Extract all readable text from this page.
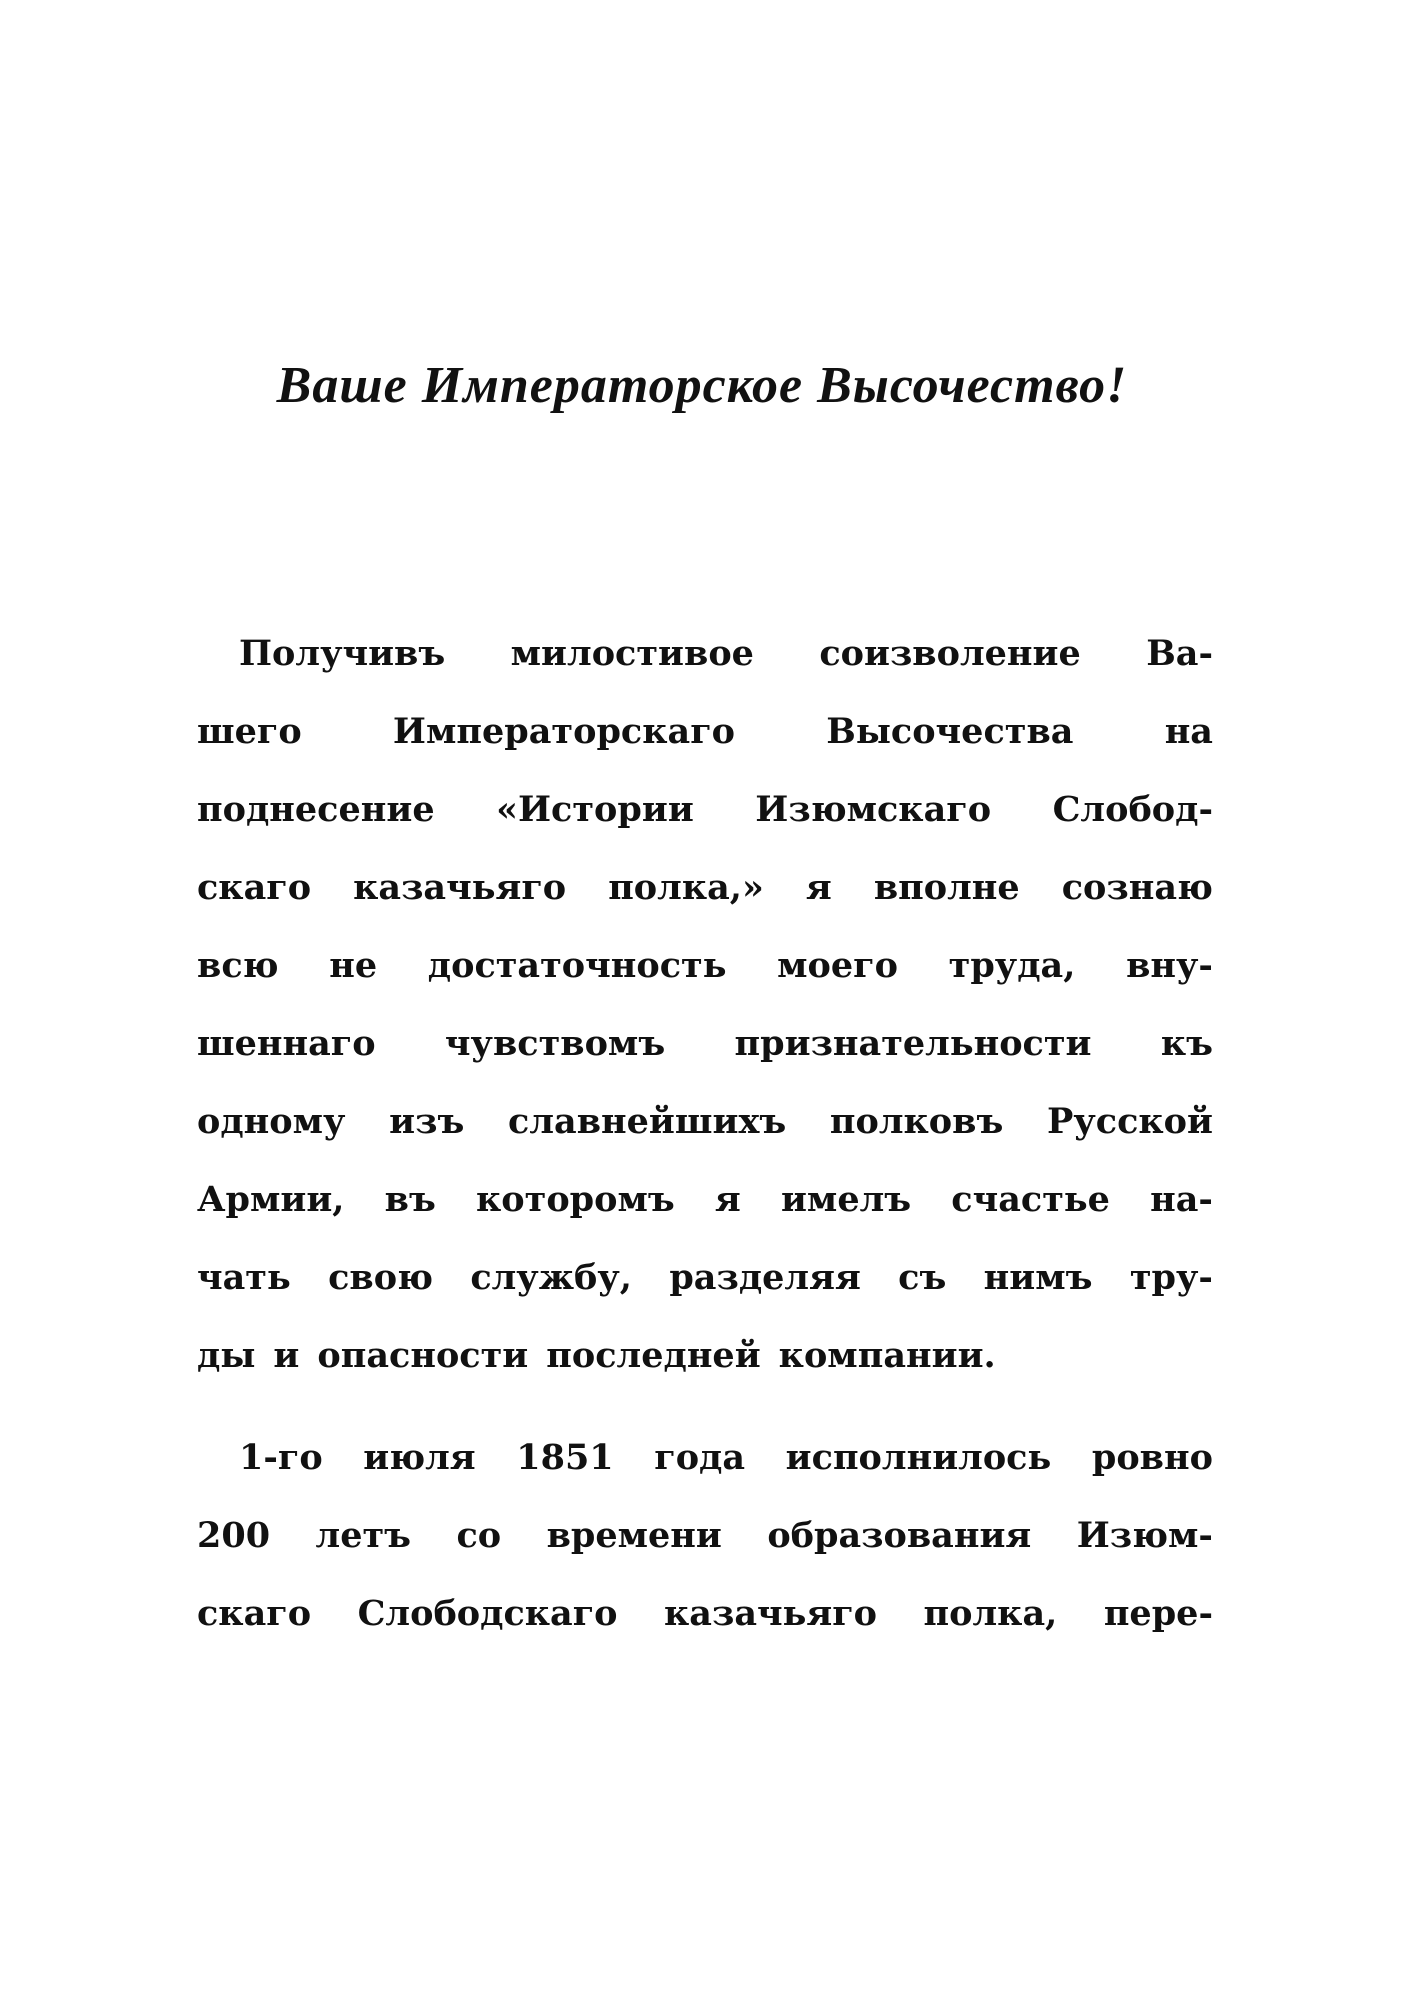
Ваше Императорское Высочество!
Получивъ милостивое соизволение Ва-
шего	Императорскаго	Высочества	на
поднесение «Истории Изюмскаго Слобод-
скаго казачьяго полка,» я вполне сознаю
всю не достаточность моего труда, вну-
шеннаго чувствомъ признательности къ
одному изъ славнейшихъ полковъ Русской
Армии, въ которомъ я имелъ счастье на-
чать свою службу, разделяя съ нимъ тру-
ды и опасности последней компании.
1-го июля 1851 года исполнилось ровно
200 летъ со времени образования Изюм-
скаго Слободскаго казачьяго полка, пере-
